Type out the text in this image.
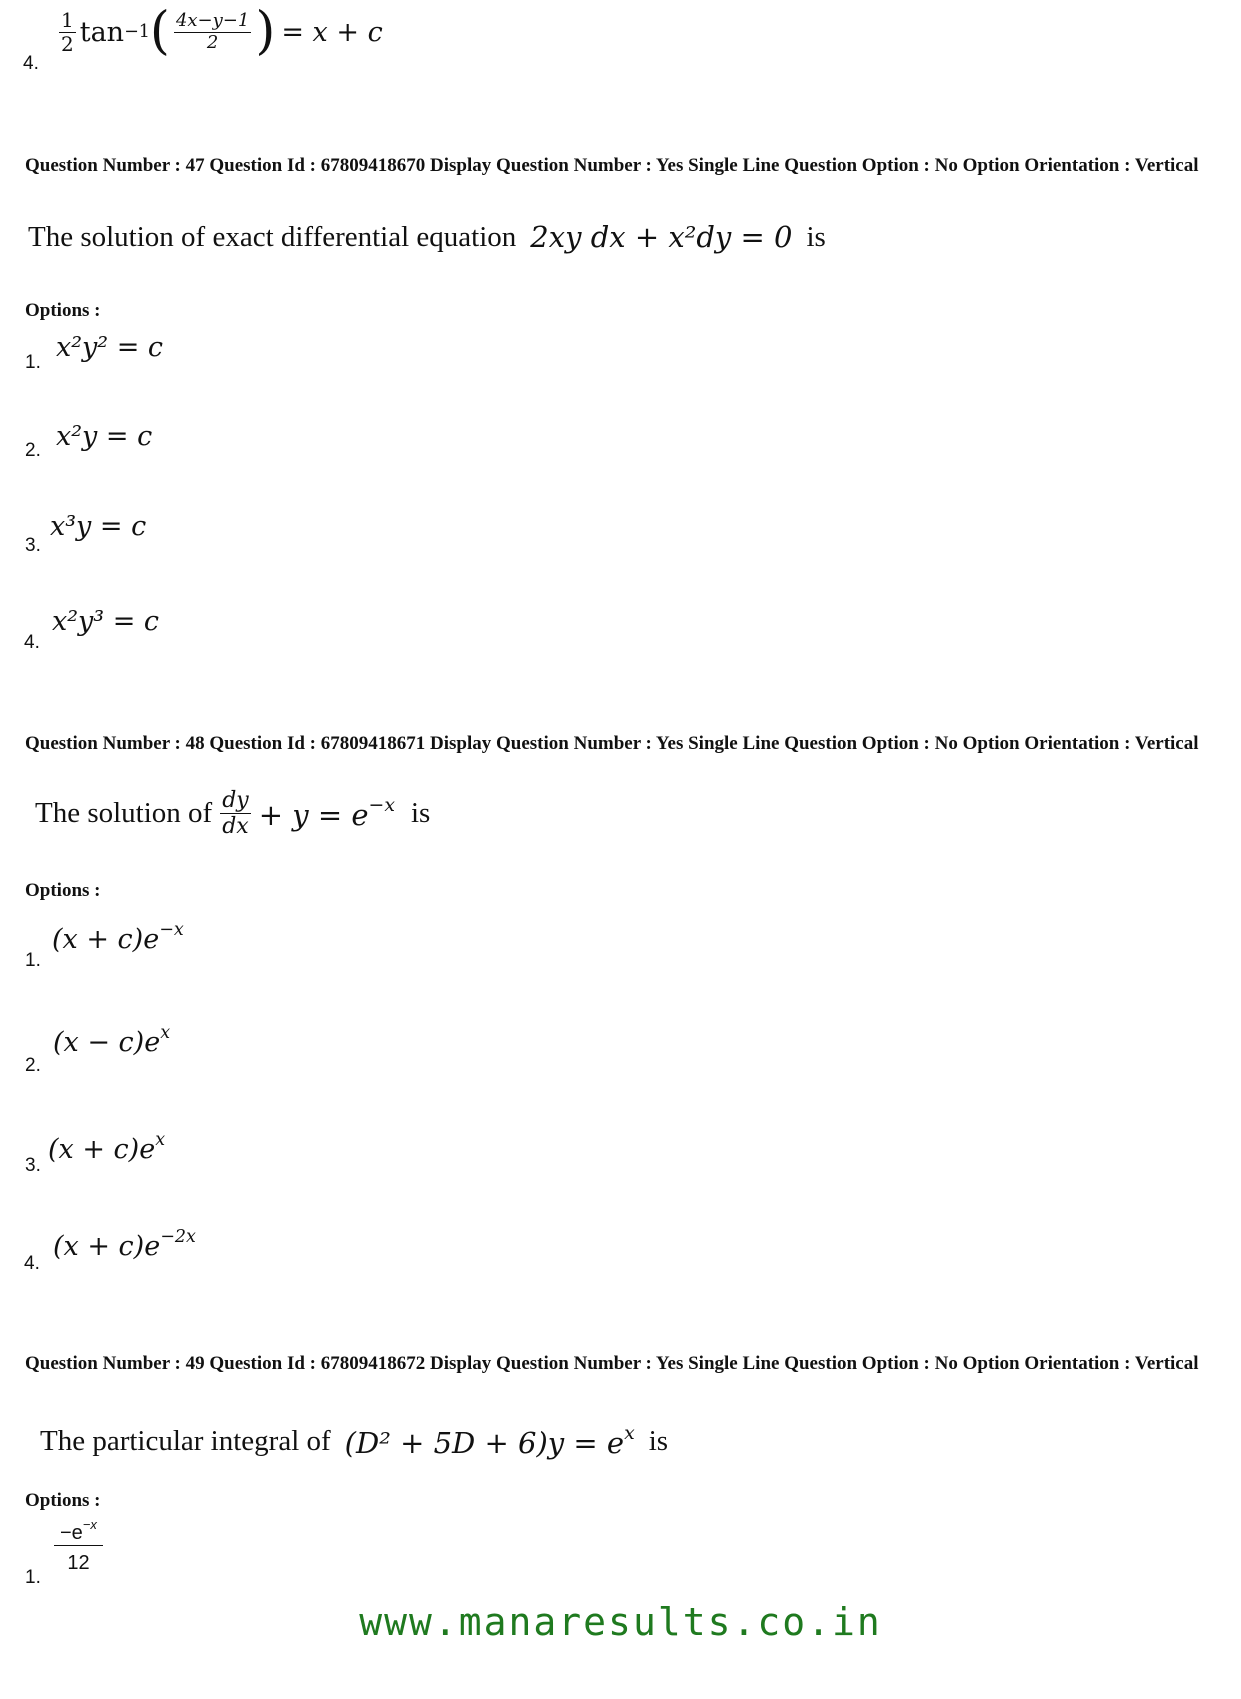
4.
$\frac{1}{2}$ tan −1 ( $\frac{4x-y-1}{2}$ ) = x + c
Question Number : 47 Question Id : 67809418670 Display Question Number : Yes Single Line Question Option : No Option Orientation : Vertical
The solution of exact differential equation 2xy dx + x²dy = 0 is
Options :
1. x²y² = c
2. x²y = c
3.
x³y = c
4.
x²y³ = c
Question Number : 48 Question Id : 67809418671 Display Question Number : Yes Single Line Question Option : No Option Orientation : Vertical
The solution of $\frac{dy}{dx} + y = e^{-x}$ is
Options :
1.
$(x + c)e^{-x}$
2.
$(x - c)e^x$
3.
$(x + c)e^x$
4.
$(x + c)e^{-2x}$
Question Number : 49 Question Id : 67809418672 Display Question Number : Yes Single Line Question Option : No Option Orientation : Vertical
The particular integral of $(D^2 + 5D + 6)y = e^x$ is
Options :
1.
$\frac{-e^{-x}}{12}$
www.manaresults.co.in
